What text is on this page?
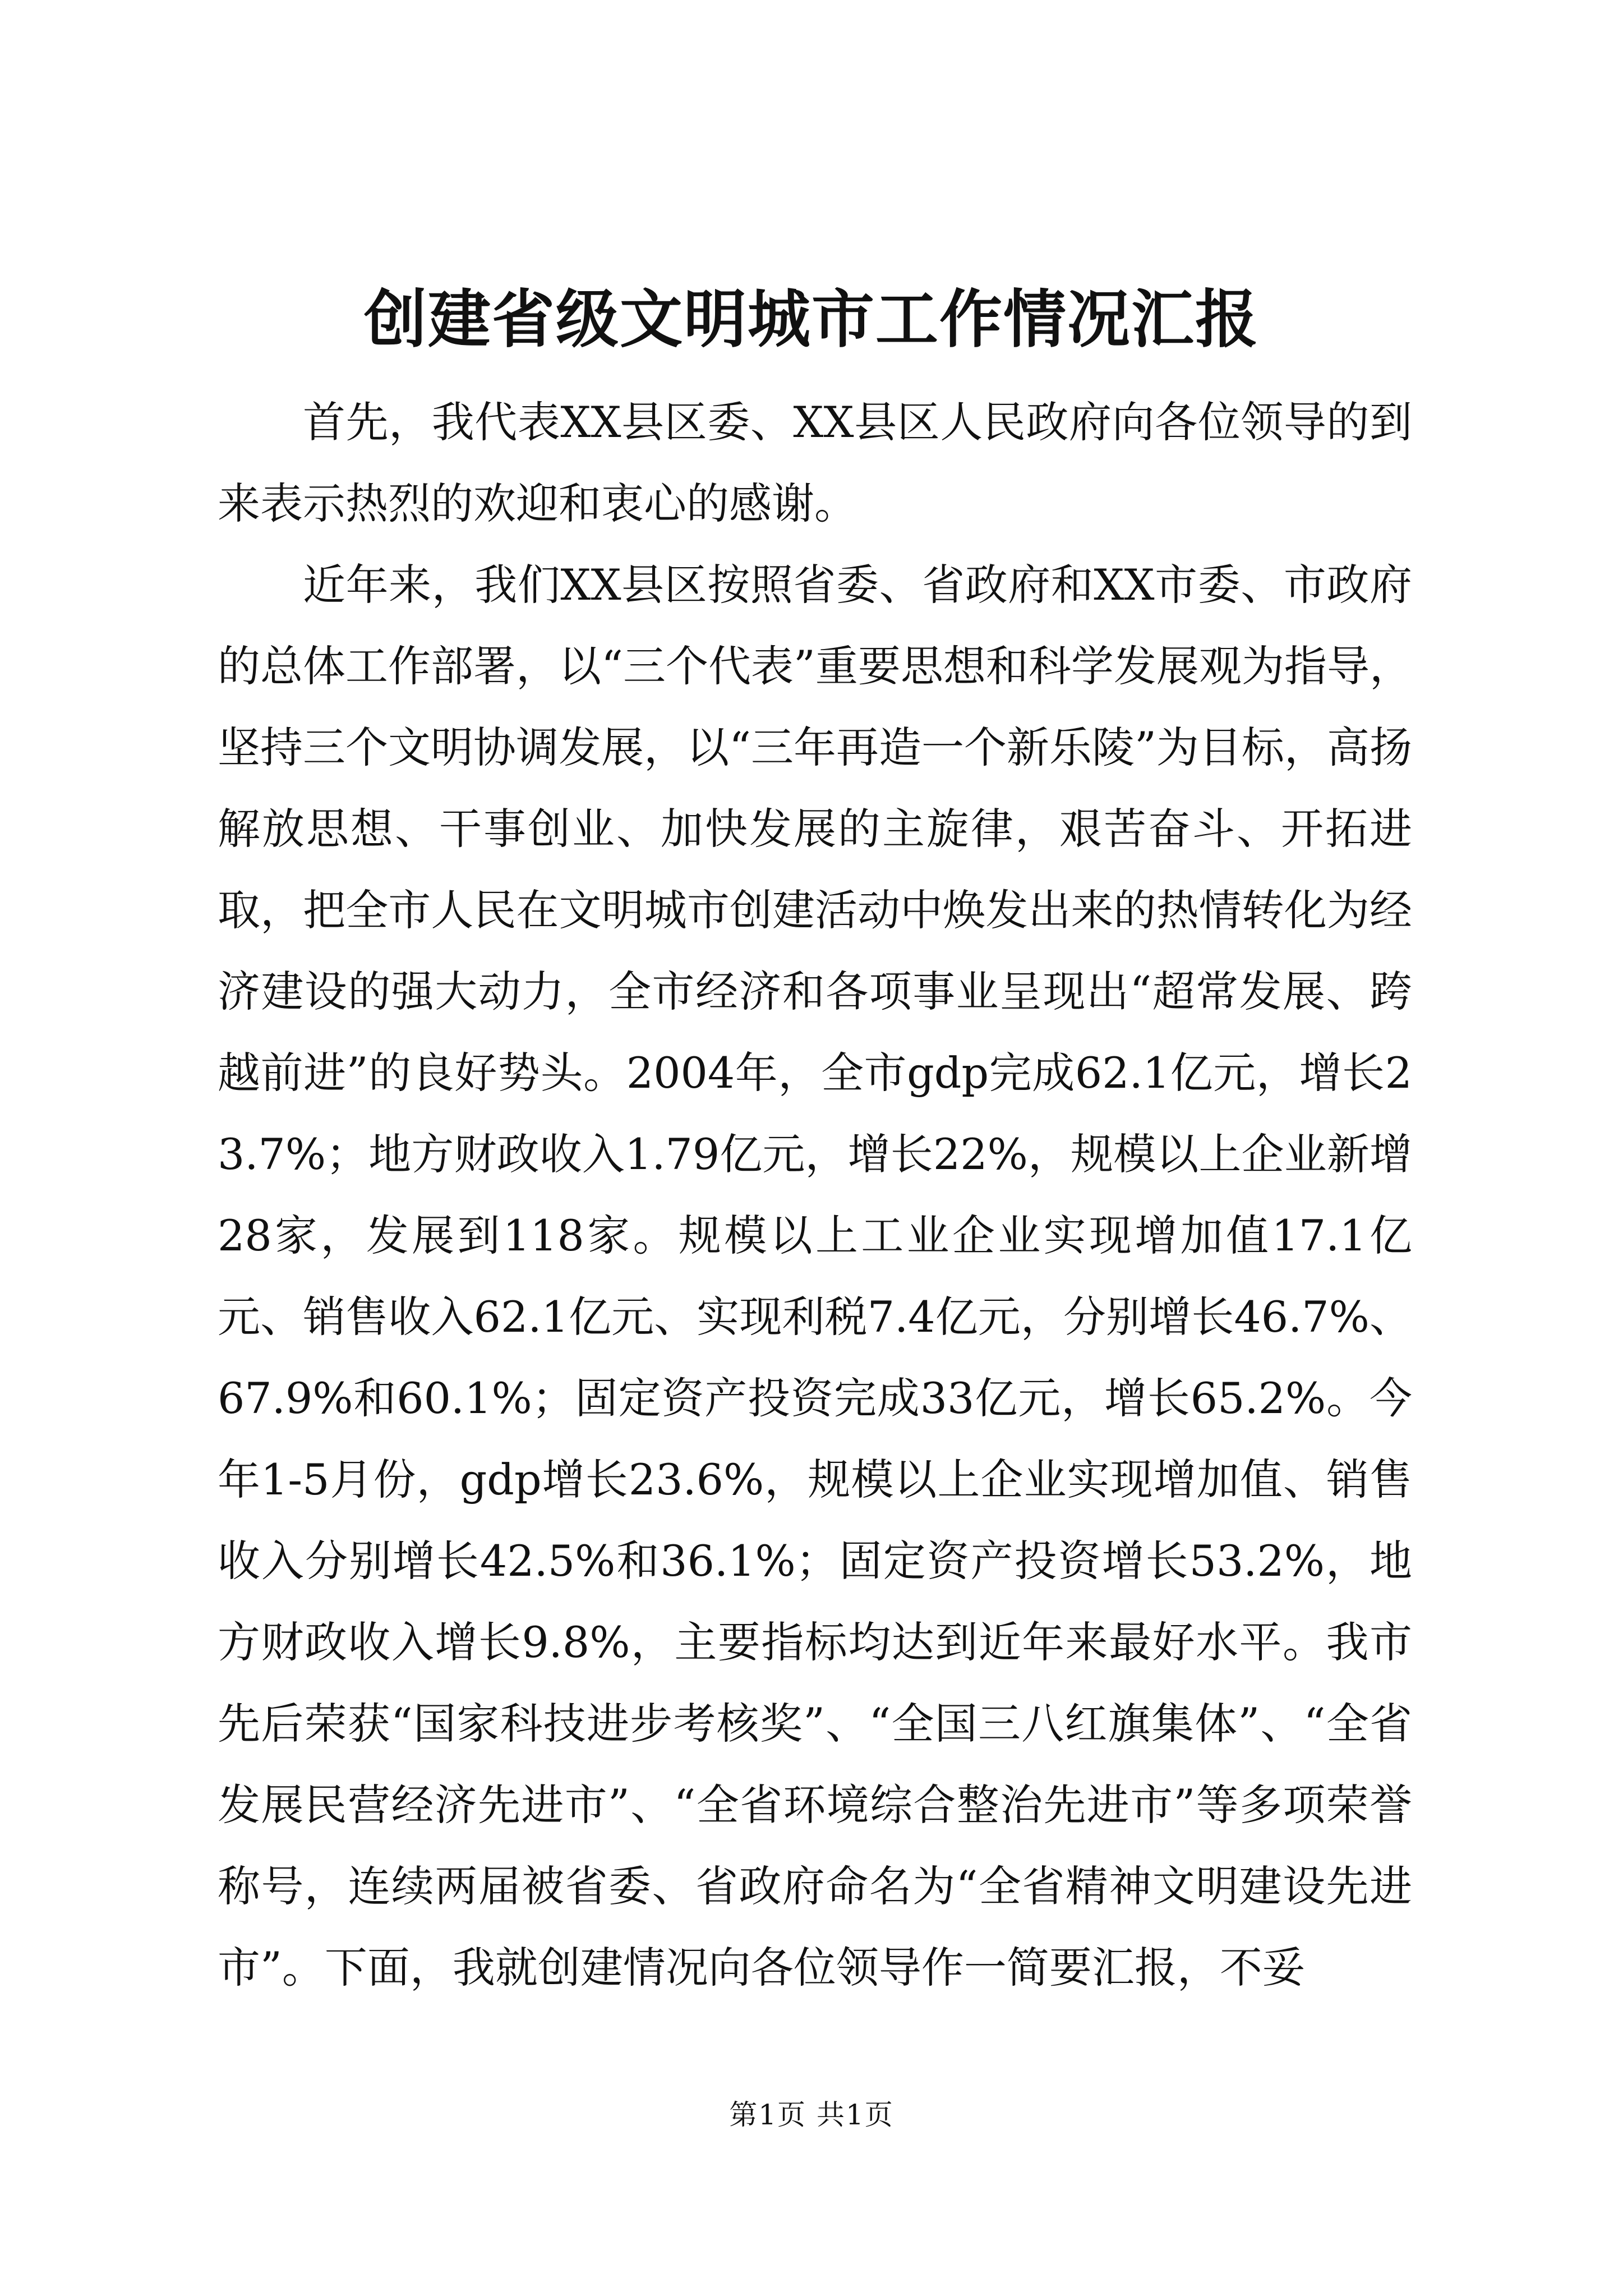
创建省级文明城市工作情况汇报

首先，我代表XX县区委、XX县区人民政府向各位领导的到来表示热烈的欢迎和衷心的感谢。

近年来，我们XX县区按照省委、省政府和XX市委、市政府的总体工作部署，以“三个代表”重要思想和科学发展观为指导，坚持三个文明协调发展，以“三年再造一个新乐陵”为目标，高扬解放思想、干事创业、加快发展的主旋律，艰苦奋斗、开拓进取，把全市人民在文明城市创建活动中焕发出来的热情转化为经济建设的强大动力，全市经济和各项事业呈现出“超常发展、跨越前进”的良好势头。2004年，全市gdp完成62.1亿元，增长23.7%；地方财政收入1.79亿元，增长22%，规模以上企业新增28家，发展到118家。规模以上工业企业实现增加值17.1亿元、销售收入62.1亿元、实现利税7.4亿元，分别增长46.7%、67.9%和60.1%；固定资产投资完成33亿元，增长65.2%。今年1-5月份，gdp增长23.6%，规模以上企业实现增加值、销售收入分别增长42.5%和36.1%；固定资产投资增长53.2%，地方财政收入增长9.8%，主要指标均达到近年来最好水平。我市先后荣获“国家科技进步考核奖”、“全国三八红旗集体”、“全省发展民营经济先进市”、“全省环境综合整治先进市”等多项荣誉称号，连续两届被省委、省政府命名为“全省精神文明建设先进市”。下面，我就创建情况向各位领导作一简要汇报，不妥

第1页 共1页
